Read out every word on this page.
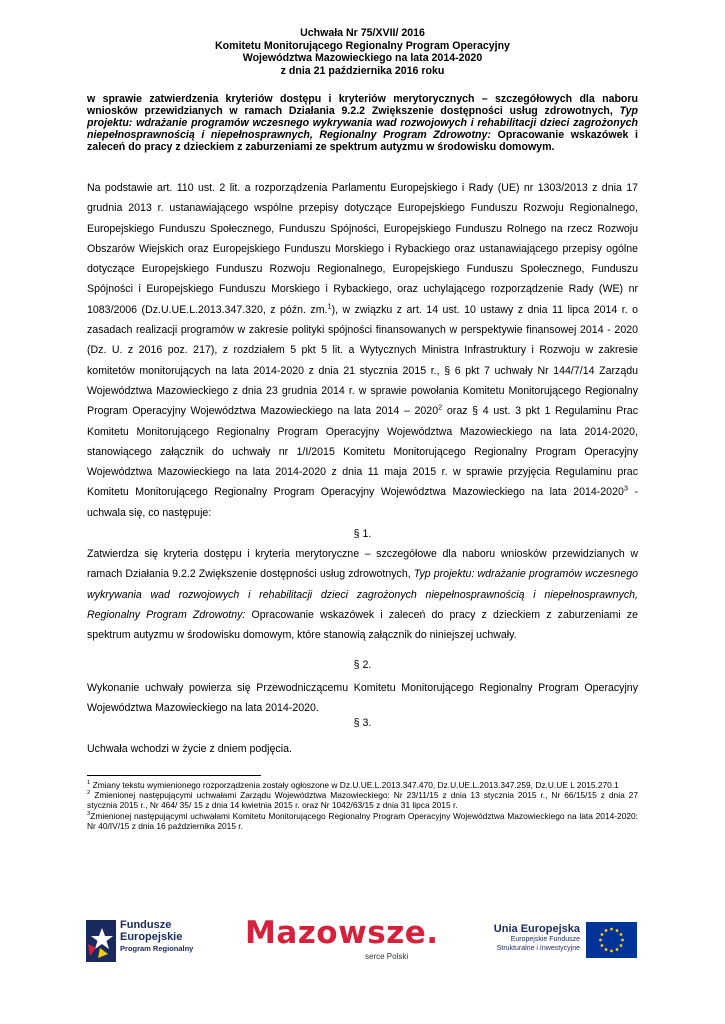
Uchwała Nr 75/XVII/ 2016
Komitetu Monitorującego Regionalny Program Operacyjny
Województwa Mazowieckiego na lata 2014-2020
z dnia 21 października 2016 roku
w sprawie zatwierdzenia kryteriów dostępu i kryteriów merytorycznych – szczegółowych dla naboru wniosków przewidzianych w ramach Działania 9.2.2 Zwiększenie dostępności usług zdrowotnych, Typ projektu: wdrażanie programów wczesnego wykrywania wad rozwojowych i rehabilitacji dzieci zagrożonych niepełnosprawnością i niepełnosprawnych, Regionalny Program Zdrowotny: Opracowanie wskazówek i zaleceń do pracy z dzieckiem z zaburzeniami ze spektrum autyzmu w środowisku domowym.
Na podstawie art. 110 ust. 2 lit. a rozporządzenia Parlamentu Europejskiego i Rady (UE) nr 1303/2013 z dnia 17 grudnia 2013 r. ustanawiającego wspólne przepisy dotyczące Europejskiego Funduszu Rozwoju Regionalnego, Europejskiego Funduszu Społecznego, Funduszu Spójności, Europejskiego Funduszu Rolnego na rzecz Rozwoju Obszarów Wiejskich oraz Europejskiego Funduszu Morskiego i Rybackiego oraz ustanawiającego przepisy ogólne dotyczące Europejskiego Funduszu Rozwoju Regionalnego, Europejskiego Funduszu Społecznego, Funduszu Spójności i Europejskiego Funduszu Morskiego i Rybackiego, oraz uchylającego rozporządzenie Rady (WE) nr 1083/2006 (Dz.U.UE.L.2013.347.320, z późn. zm.$^1$), w związku z art. 14 ust. 10 ustawy z dnia 11 lipca 2014 r. o zasadach realizacji programów w zakresie polityki spójności finansowanych w perspektywie finansowej 2014 - 2020 (Dz. U. z 2016 poz. 217), z rozdziałem 5 pkt 5 lit. a Wytycznych Ministra Infrastruktury i Rozwoju w zakresie komitetów monitorujących na lata 2014-2020 z dnia 21 stycznia 2015 r., § 6 pkt 7 uchwały Nr 144/7/14 Zarządu Województwa Mazowieckiego z dnia 23 grudnia 2014 r. w sprawie powołania Komitetu Monitorującego Regionalny Program Operacyjny Województwa Mazowieckiego na lata 2014 – 2020$^2$ oraz § 4 ust. 3 pkt 1 Regulaminu Prac Komitetu Monitorującego Regionalny Program Operacyjny Województwa Mazowieckiego na lata 2014-2020, stanowiącego załącznik do uchwały nr 1/I/2015 Komitetu Monitorującego Regionalny Program Operacyjny Województwa Mazowieckiego na lata 2014-2020 z dnia 11 maja 2015 r. w sprawie przyjęcia Regulaminu prac Komitetu Monitorującego Regionalny Program Operacyjny Województwa Mazowieckiego na lata 2014-2020$^3$ - uchwala się, co następuje:
§ 1.
Zatwierdza się kryteria dostępu i kryteria merytoryczne – szczegółowe dla naboru wniosków przewidzianych w ramach Działania 9.2.2 Zwiększenie dostępności usług zdrowotnych, Typ projektu: wdrażanie programów wczesnego wykrywania wad rozwojowych i rehabilitacji dzieci zagrożonych niepełnosprawnością i niepełnosprawnych, Regionalny Program Zdrowotny: Opracowanie wskazówek i zaleceń do pracy z dzieckiem z zaburzeniami ze spektrum autyzmu w środowisku domowym, które stanowią załącznik do niniejszej uchwały.
§ 2.
Wykonanie uchwały powierza się Przewodniczącemu Komitetu Monitorującego Regionalny Program Operacyjny Województwa Mazowieckiego na lata 2014-2020.
§ 3.
Uchwała wchodzi w życie z dniem podjęcia.

$^1$ Zmiany tekstu wymienionego rozporządzenia zostały ogłoszone w Dz.U.UE.L.2013.347.470, Dz.U.UE.L.2013.347.259, Dz.U.UE L 2015.270.1

$^2$ Zmienionej następującymi uchwałami Zarządu Województwa Mazowieckiego: Nr 23/11/15 z dnia 13 stycznia 2015 r., Nr 66/15/15 z dnia 27 stycznia 2015 r., Nr 464/ 35/ 15 z dnia 14 kwietnia 2015 r. oraz Nr 1042/63/15 z dnia 31 lipca 2015 r.

$^3$Zmienionej następującymi uchwałami Komitetu Monitorującego Regionalny Program Operacyjny Województwa Mazowieckiego na lata 2014-2020: Nr 40/IV/15 z dnia 16 października 2015 r.

Fundusze
Europejskie
Program Regionalny Mazowsze.
serce Polski
Unia Europejska
Europejskie Fundusze
Strukturalne i Inwestycyjne
